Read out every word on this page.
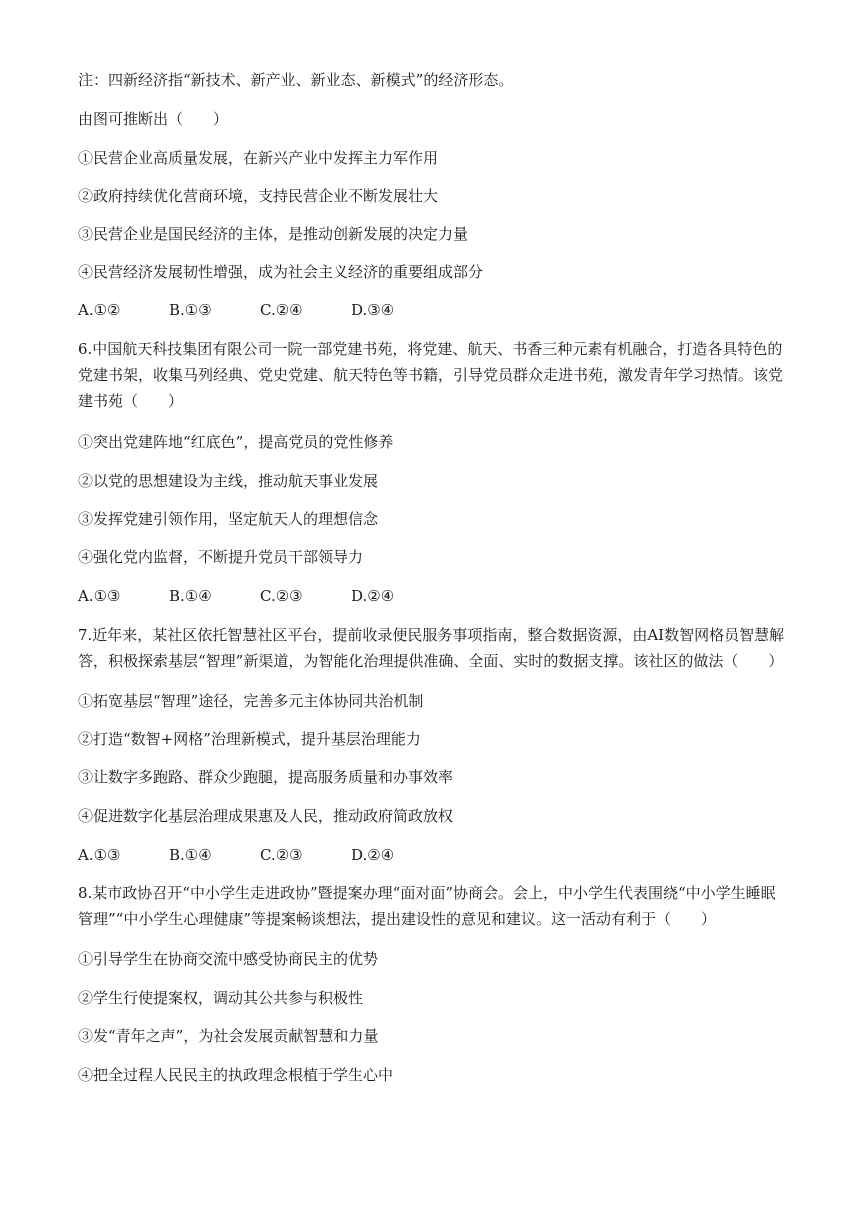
注：四新经济指“新技术、新产业、新业态、新模式”的经济形态。
由图可推断出（　　）
①民营企业高质量发展，在新兴产业中发挥主力军作用
②政府持续优化营商环境，支持民营企业不断发展壮大
③民营企业是国民经济的主体，是推动创新发展的决定力量
④民营经济发展韧性增强，成为社会主义经济的重要组成部分
A.①②	B.①③	C.②④	D.③④
6.中国航天科技集团有限公司一院一部党建书苑，将党建、航天、书香三种元素有机融合，打造各具特色的党建书架，收集马列经典、党史党建、航天特色等书籍，引导党员群众走进书苑，激发青年学习热情。该党建书苑（　　）
①突出党建阵地“红底色”，提高党员的党性修养
②以党的思想建设为主线，推动航天事业发展
③发挥党建引领作用，坚定航天人的理想信念
④强化党内监督，不断提升党员干部领导力
A.①③	B.①④	C.②③	D.②④
7.近年来，某社区依托智慧社区平台，提前收录便民服务事项指南，整合数据资源，由AI数智网格员智慧解答，积极探索基层“智理”新渠道，为智能化治理提供准确、全面、实时的数据支撑。该社区的做法（　　）
①拓宽基层“智理”途径，完善多元主体协同共治机制
②打造“数智+网格”治理新模式，提升基层治理能力
③让数字多跑路、群众少跑腿，提高服务质量和办事效率
④促进数字化基层治理成果惠及人民，推动政府简政放权
A.①③	B.①④	C.②③	D.②④
8.某市政协召开“中小学生走进政协”暨提案办理“面对面”协商会。会上，中小学生代表围绕“中小学生睡眠管理”“中小学生心理健康”等提案畅谈想法，提出建设性的意见和建议。这一活动有利于（　　）
①引导学生在协商交流中感受协商民主的优势
②学生行使提案权，调动其公共参与积极性
③发“青年之声”，为社会发展贡献智慧和力量
④把全过程人民民主的执政理念根植于学生心中
